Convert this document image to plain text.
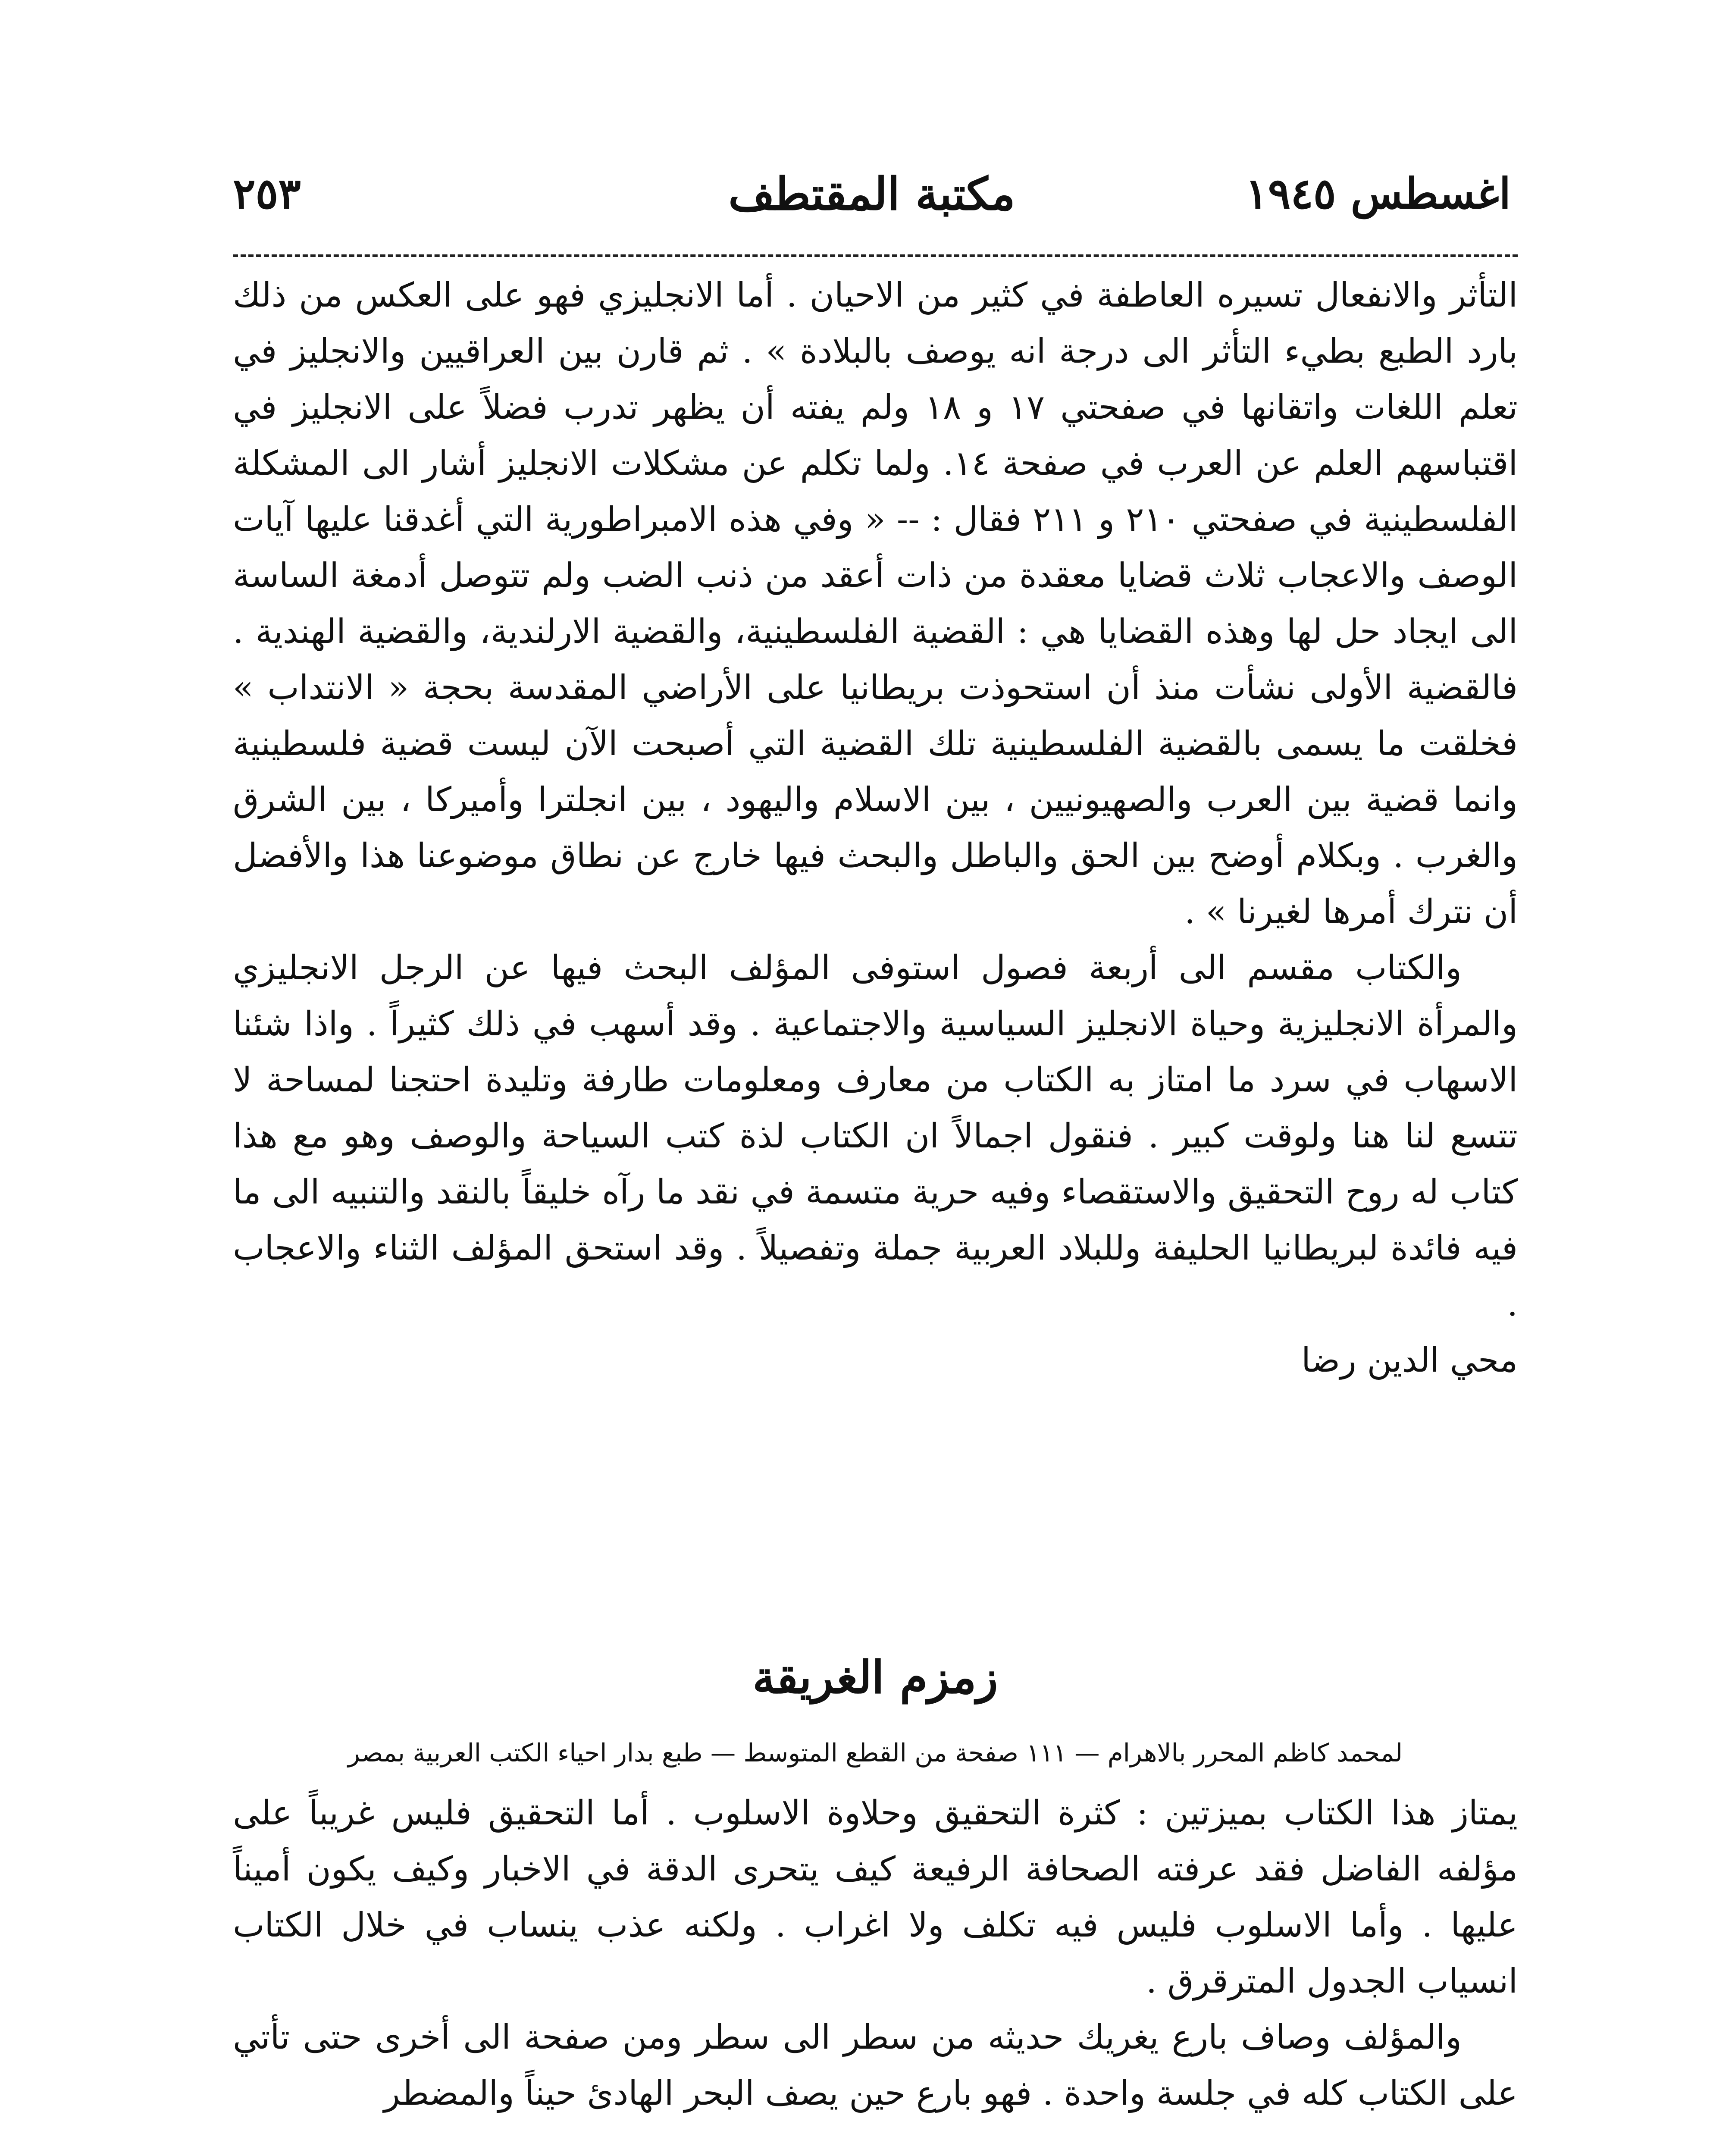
اغسطس ١٩٤٥
مكتبة المقتطف
٢٥٣

التأثر والانفعال تسيره العاطفة في كثير من الاحيان . أما الانجليزي فهو على العكس من ذلك بارد الطبع بطيء التأثر الى درجة انه يوصف بالبلادة » . ثم قارن بين العراقيين والانجليز في تعلم اللغات واتقانها في صفحتي ١٧ و ١٨ ولم يفته أن يظهر تدرب فضلاً على الانجليز في اقتباسهم العلم عن العرب في صفحة ١٤. ولما تكلم عن مشكلات الانجليز أشار الى المشكلة الفلسطينية في صفحتي ٢١٠ و ٢١١ فقال : -- « وفي هذه الامبراطورية التي أغدقنا عليها آيات الوصف والاعجاب ثلاث قضايا معقدة من ذات أعقد من ذنب الضب ولم تتوصل أدمغة الساسة الى ايجاد حل لها وهذه القضايا هي : القضية الفلسطينية، والقضية الارلندية، والقضية الهندية . فالقضية الأولى نشأت منذ أن استحوذت بريطانيا على الأراضي المقدسة بحجة « الانتداب » فخلقت ما يسمى بالقضية الفلسطينية تلك القضية التي أصبحت الآن ليست قضية فلسطينية وانما قضية بين العرب والصهيونيين ، بين الاسلام واليهود ، بين انجلترا وأميركا ، بين الشرق والغرب . وبكلام أوضح بين الحق والباطل والبحث فيها خارج عن نطاق موضوعنا هذا والأفضل أن نترك أمرها لغيرنا » .

والكتاب مقسم الى أربعة فصول استوفى المؤلف البحث فيها عن الرجل الانجليزي والمرأة الانجليزية وحياة الانجليز السياسية والاجتماعية . وقد أسهب في ذلك كثيراً . واذا شئنا الاسهاب في سرد ما امتاز به الكتاب من معارف ومعلومات طارفة وتليدة احتجنا لمساحة لا تتسع لنا هنا ولوقت كبير . فنقول اجمالاً ان الكتاب لذة كتب السياحة والوصف وهو مع هذا كتاب له روح التحقيق والاستقصاء وفيه حرية متسمة في نقد ما رآه خليقاً بالنقد والتنبيه الى ما فيه فائدة لبريطانيا الحليفة وللبلاد العربية جملة وتفصيلاً . وقد استحق المؤلف الثناء والاعجاب .

محي الدين رضا
زمزم الغريقة
لمحمد كاظم المحرر بالاهرام — ١١١ صفحة من القطع المتوسط — طبع بدار احياء الكتب العربية بمصر

يمتاز هذا الكتاب بميزتين : كثرة التحقيق وحلاوة الاسلوب . أما التحقيق فليس غريباً على مؤلفه الفاضل فقد عرفته الصحافة الرفيعة كيف يتحرى الدقة في الاخبار وكيف يكون أميناً عليها . وأما الاسلوب فليس فيه تكلف ولا اغراب . ولكنه عذب ينساب في خلال الكتاب انسياب الجدول المترقرق .

والمؤلف وصاف بارع يغريك حديثه من سطر الى سطر ومن صفحة الى أخرى حتى تأتي على الكتاب كله في جلسة واحدة . فهو بارع حين يصف البحر الهادئ حيناً والمضطر
